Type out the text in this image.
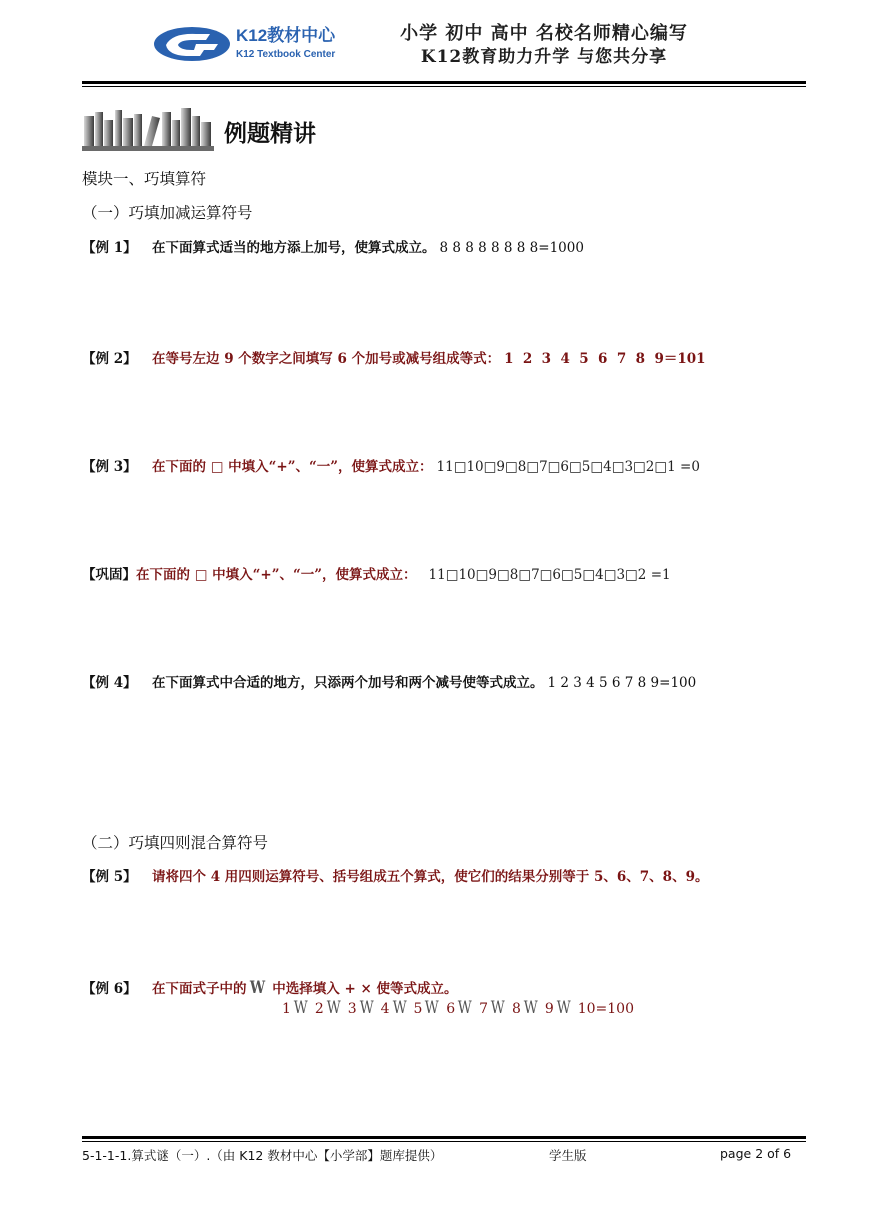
K12教材中心
K12 Textbook Center
小学 初中 高中 名校名师精心编写
K12教育助力升学 与您共分享
例题精讲
模块一、巧填算符
（一）巧填加减运算符号
【例 1】 在下面算式适当的地方添上加号，使算式成立。 8 8 8 8 8 8 8 8=1000
【例 2】 在等号左边 9 个数字之间填写 6 个加号或减号组成等式： 1  2  3  4  5  6  7  8  9＝101
【例 3】 在下面的 □ 中填入“+”、“一”，使算式成立： 11□10□9□8□7□6□5□4□3□2□1 =0
【巩固】在下面的 □ 中填入“+”、“一”，使算式成立： 11□10□9□8□7□6□5□4□3□2 =1
【例 4】 在下面算式中合适的地方，只添两个加号和两个减号使等式成立。 1 2 3 4 5 6 7 8 9=100
（二）巧填四则混合算符号
【例 5】 请将四个 4 用四则运算符号、括号组成五个算式，使它们的结果分别等于 5、6、7、8、9。
【例 6】 在下面式子中的 W 中选择填入 + × 使等式成立。
1 W 2 W 3 W 4 W 5 W 6 W 7 W 8 W 9 W 10=100
5-1-1-1.算式谜（一）.（由 K12 教材中心【小学部】题库提供）	学生版	page 2 of 6
